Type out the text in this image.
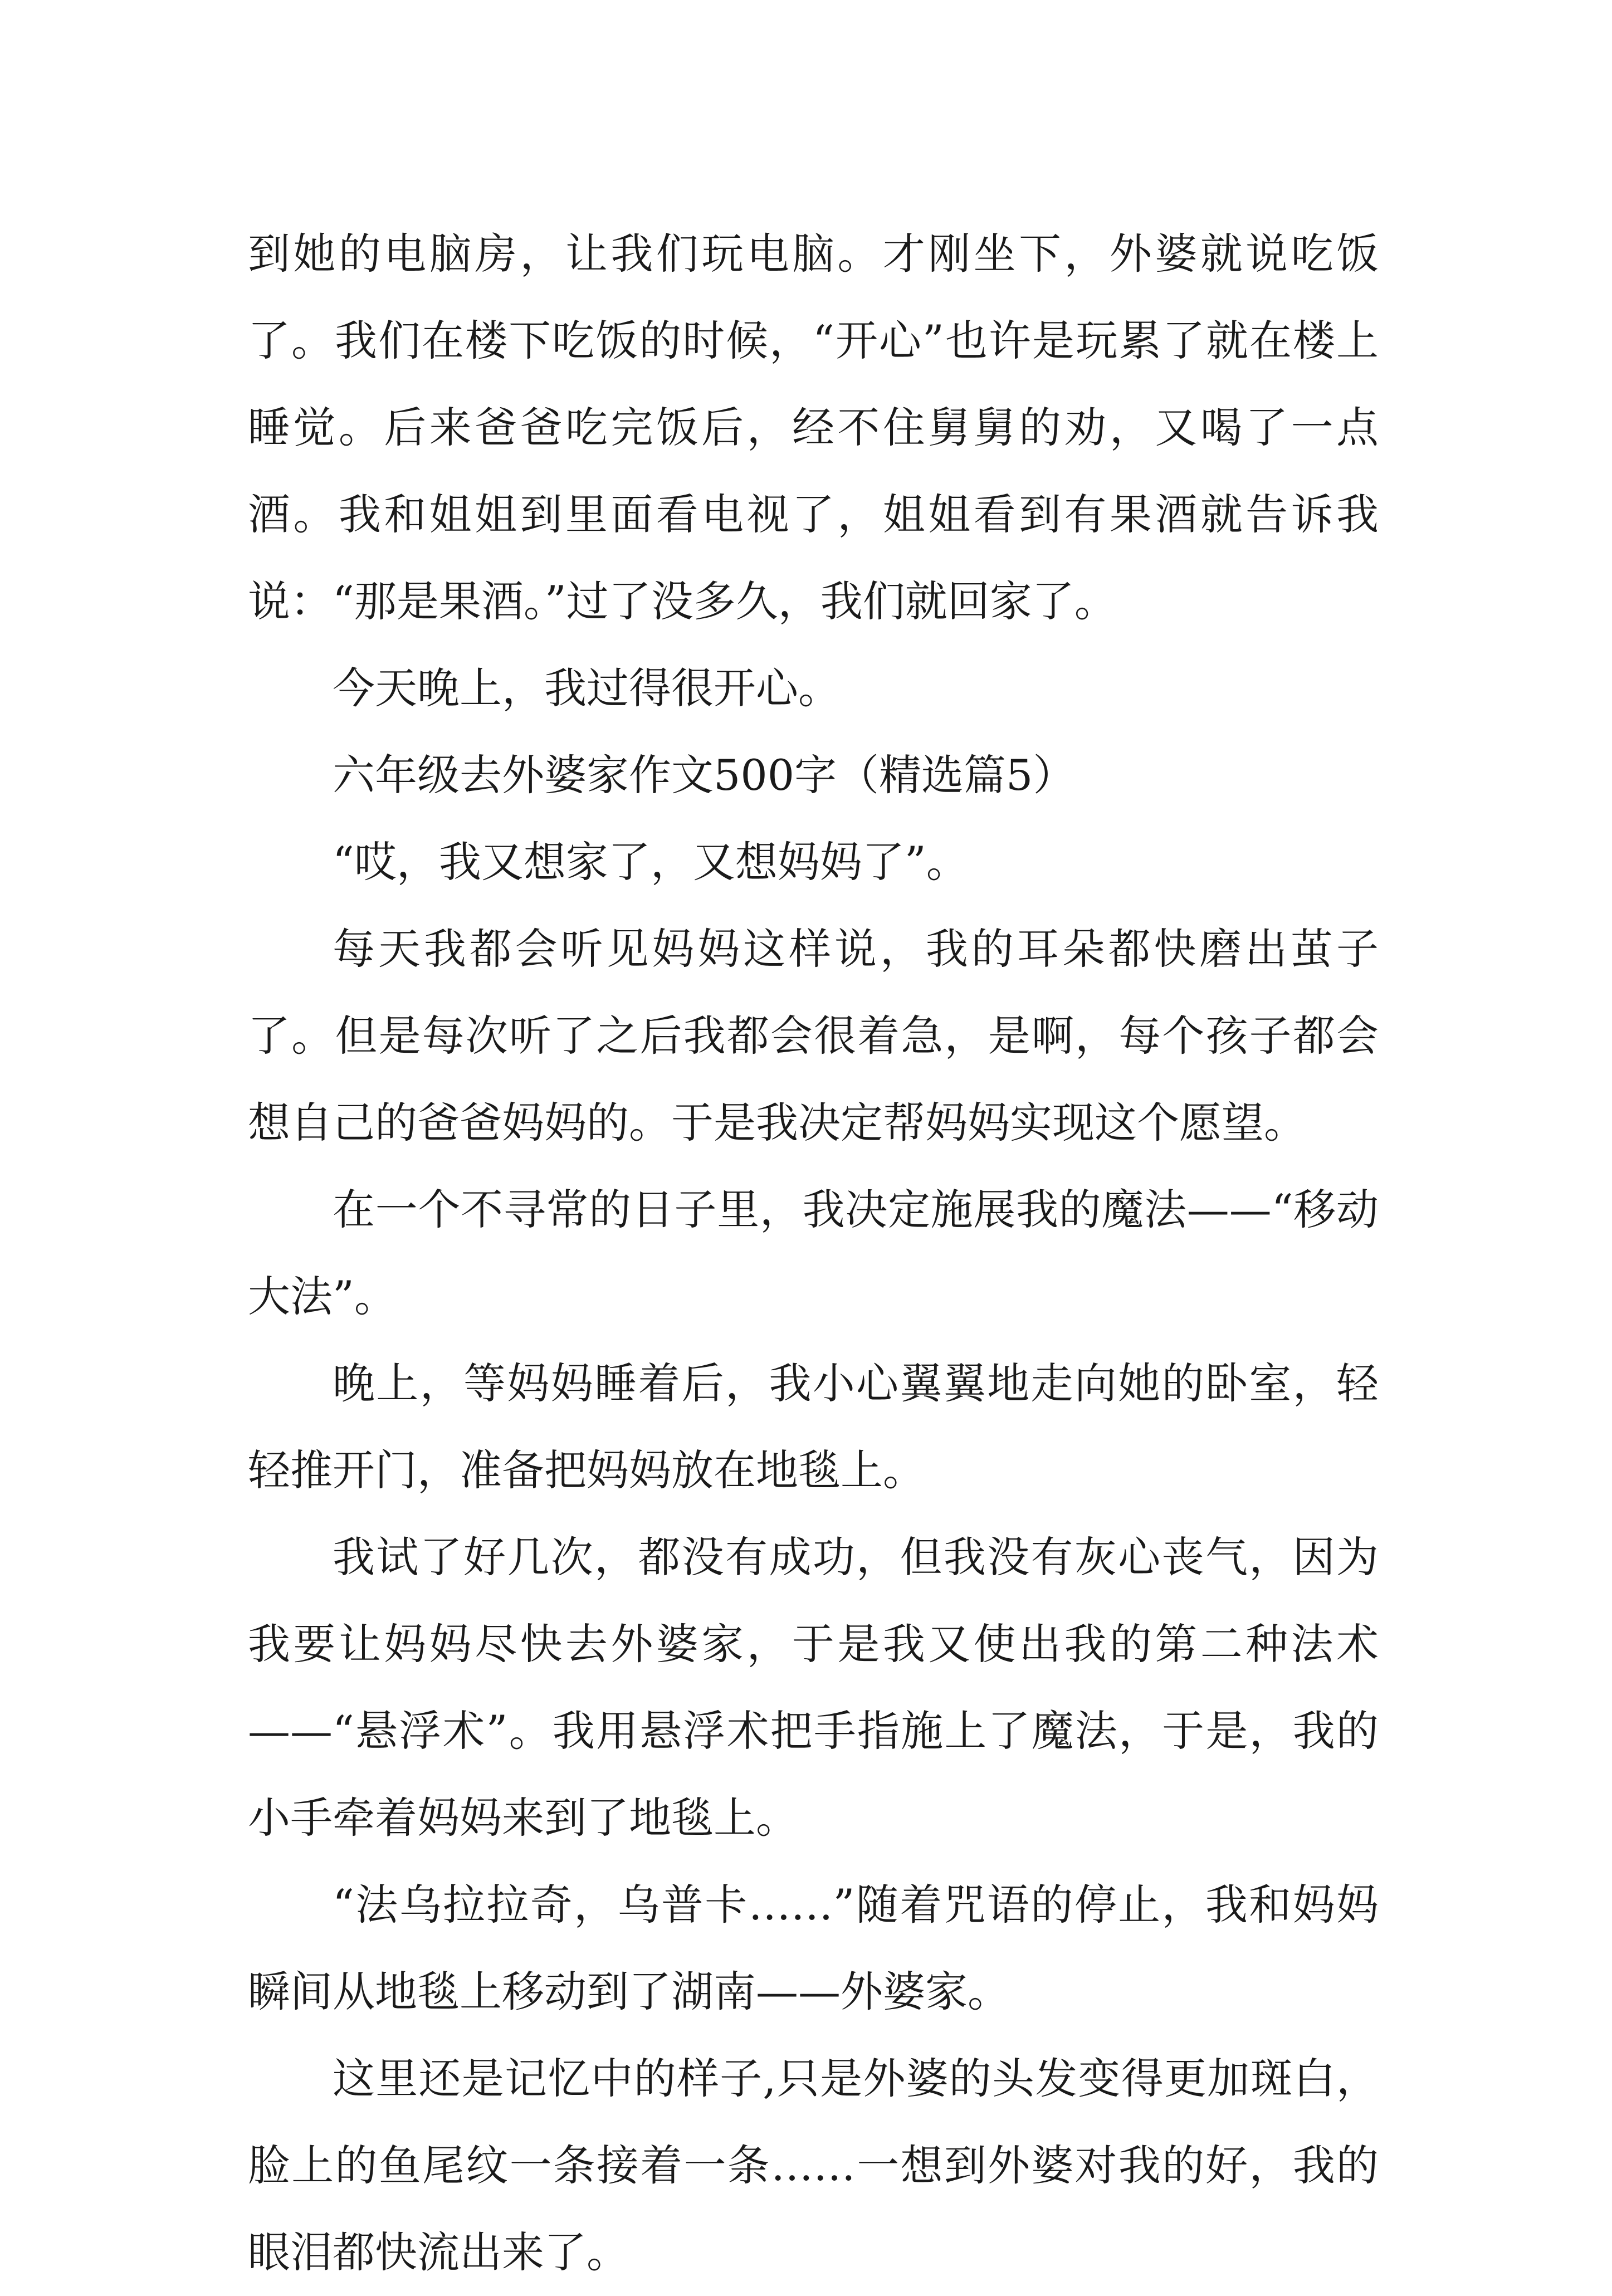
到她的电脑房，让我们玩电脑。才刚坐下，外婆就说吃饭了。我们在楼下吃饭的时候，“开心”也许是玩累了就在楼上睡觉。后来爸爸吃完饭后，经不住舅舅的劝，又喝了一点酒。我和姐姐到里面看电视了，姐姐看到有果酒就告诉我说：“那是果酒。”过了没多久，我们就回家了。

今天晚上，我过得很开心。

六年级去外婆家作文500字（精选篇5）

“哎，我又想家了，又想妈妈了”。

每天我都会听见妈妈这样说，我的耳朵都快磨出茧子了。但是每次听了之后我都会很着急，是啊，每个孩子都会想自己的爸爸妈妈的。于是我决定帮妈妈实现这个愿望。

在一个不寻常的日子里，我决定施展我的魔法——“移动大法”。

晚上，等妈妈睡着后，我小心翼翼地走向她的卧室，轻轻推开门，准备把妈妈放在地毯上。

我试了好几次，都没有成功，但我没有灰心丧气，因为我要让妈妈尽快去外婆家，于是我又使出我的第二种法术——“悬浮术”。我用悬浮术把手指施上了魔法，于是，我的小手牵着妈妈来到了地毯上。

“法乌拉拉奇，乌普卡……”随着咒语的停止，我和妈妈瞬间从地毯上移动到了湖南——外婆家。

这里还是记忆中的样子,只是外婆的头发变得更加斑白，脸上的鱼尾纹一条接着一条……一想到外婆对我的好，我的眼泪都快流出来了。
